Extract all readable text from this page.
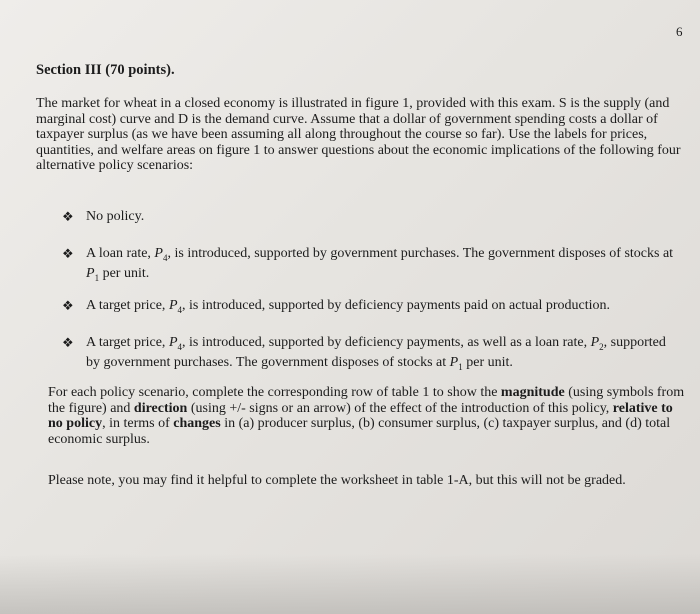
6
Section III (70 points).
The market for wheat in a closed economy is illustrated in figure 1, provided with this exam. S is the supply (and marginal cost) curve and D is the demand curve. Assume that a dollar of government spending costs a dollar of taxpayer surplus (as we have been assuming all along throughout the course so far). Use the labels for prices, quantities, and welfare areas on figure 1 to answer questions about the economic implications of the following four alternative policy scenarios:
❖ No policy.
❖ A loan rate, $P_4$, is introduced, supported by government purchases. The government disposes of stocks at $P_1$ per unit.
❖ A target price, $P_4$, is introduced, supported by deficiency payments paid on actual production.
❖ A target price, $P_4$, is introduced, supported by deficiency payments, as well as a loan rate, $P_2$, supported by government purchases. The government disposes of stocks at $P_1$ per unit.
For each policy scenario, complete the corresponding row of table 1 to show the magnitude (using symbols from the figure) and direction (using +/- signs or an arrow) of the effect of the introduction of this policy, relative to no policy, in terms of changes in (a) producer surplus, (b) consumer surplus, (c) taxpayer surplus, and (d) total economic surplus.
Please note, you may find it helpful to complete the worksheet in table 1-A, but this will not be graded.
